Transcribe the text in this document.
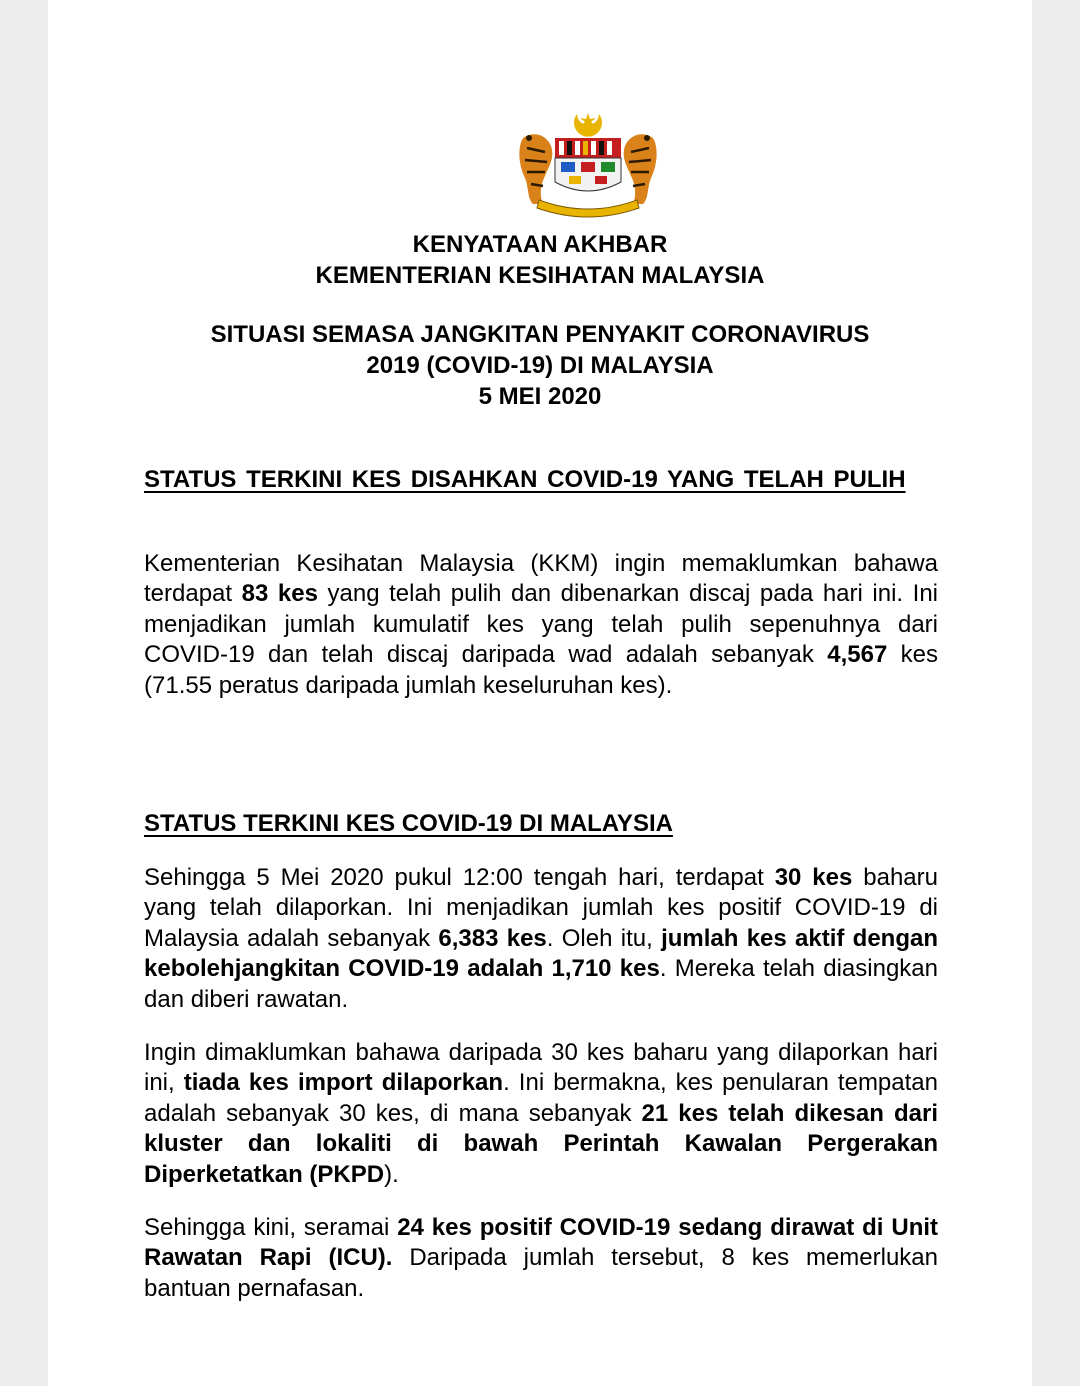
KENYATAAN AKHBAR
KEMENTERIAN KESIHATAN MALAYSIA
SITUASI SEMASA JANGKITAN PENYAKIT CORONAVIRUS
2019 (COVID-19) DI MALAYSIA
5 MEI 2020
STATUS TERKINI KES DISAHKAN COVID-19 YANG TELAH PULIH
Kementerian Kesihatan Malaysia (KKM) ingin memaklumkan bahawa terdapat 83 kes yang telah pulih dan dibenarkan discaj pada hari ini. Ini menjadikan jumlah kumulatif kes yang telah pulih sepenuhnya dari COVID-19 dan telah discaj daripada wad adalah sebanyak 4,567 kes (71.55 peratus daripada jumlah keseluruhan kes).
STATUS TERKINI KES COVID-19 DI MALAYSIA
Sehingga 5 Mei 2020 pukul 12:00 tengah hari, terdapat 30 kes baharu yang telah dilaporkan. Ini menjadikan jumlah kes positif COVID-19 di Malaysia adalah sebanyak 6,383 kes. Oleh itu, jumlah kes aktif dengan kebolehjangkitan COVID-19 adalah 1,710 kes. Mereka telah diasingkan dan diberi rawatan.
Ingin dimaklumkan bahawa daripada 30 kes baharu yang dilaporkan hari ini, tiada kes import dilaporkan. Ini bermakna, kes penularan tempatan adalah sebanyak 30 kes, di mana sebanyak 21 kes telah dikesan dari kluster dan lokaliti di bawah Perintah Kawalan Pergerakan Diperketatkan (PKPD).
Sehingga kini, seramai 24 kes positif COVID-19 sedang dirawat di Unit Rawatan Rapi (ICU). Daripada jumlah tersebut, 8 kes memerlukan bantuan pernafasan.
